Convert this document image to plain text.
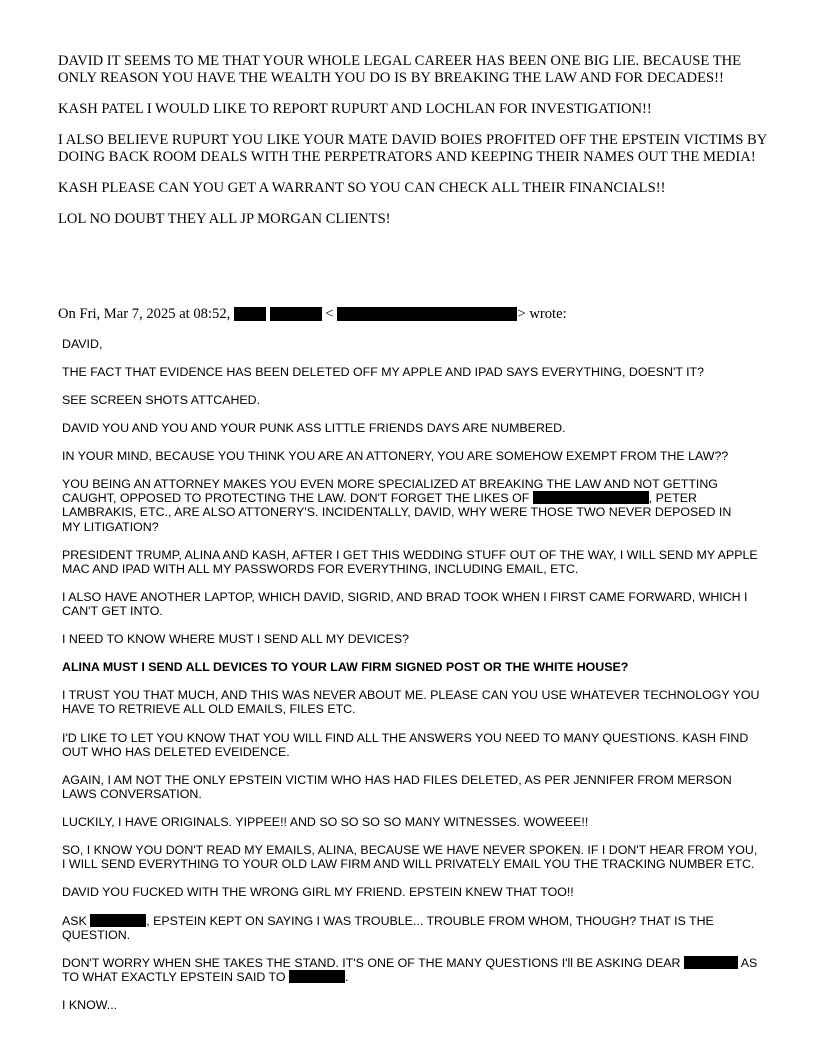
DAVID IT SEEMS TO ME THAT YOUR WHOLE LEGAL CAREER HAS BEEN ONE BIG LIE. BECAUSE THE ONLY REASON YOU HAVE THE WEALTH YOU DO IS BY BREAKING THE LAW AND FOR DECADES!!

KASH PATEL I WOULD LIKE TO REPORT RUPURT AND LOCHLAN FOR INVESTIGATION!!

I ALSO BELIEVE RUPURT YOU LIKE YOUR MATE DAVID BOIES PROFITED OFF THE EPSTEIN VICTIMS BY DOING BACK ROOM DEALS WITH THE PERPETRATORS AND KEEPING THEIR NAMES OUT THE MEDIA!

KASH PLEASE CAN YOU GET A WARRANT SO YOU CAN CHECK ALL THEIR FINANCIALS!!

LOL NO DOUBT THEY ALL JP MORGAN CLIENTS!

On Fri, Mar 7, 2025 at 08:52,	<	> wrote:

DAVID,

THE FACT THAT EVIDENCE HAS BEEN DELETED OFF MY APPLE AND IPAD SAYS EVERYTHING, DOESN'T IT?

SEE SCREEN SHOTS ATTCAHED.

DAVID YOU AND YOU AND YOUR PUNK ASS LITTLE FRIENDS DAYS ARE NUMBERED.

IN YOUR MIND, BECAUSE YOU THINK YOU ARE AN ATTONERY, YOU ARE SOMEHOW EXEMPT FROM THE LAW??

YOU BEING AN ATTORNEY MAKES YOU EVEN MORE SPECIALIZED AT BREAKING THE LAW AND NOT GETTING CAUGHT, OPPOSED TO PROTECTING THE LAW. DON'T FORGET THE LIKES OF	, PETER LAMBRAKIS, ETC., ARE ALSO ATTONERY'S. INCIDENTALLY, DAVID, WHY WERE THOSE TWO NEVER DEPOSED IN MY LITIGATION?

PRESIDENT TRUMP, ALINA AND KASH, AFTER I GET THIS WEDDING STUFF OUT OF THE WAY, I WILL SEND MY APPLE MAC AND IPAD WITH ALL MY PASSWORDS FOR EVERYTHING, INCLUDING EMAIL, ETC.

I ALSO HAVE ANOTHER LAPTOP, WHICH DAVID, SIGRID, AND BRAD TOOK WHEN I FIRST CAME FORWARD, WHICH I CAN'T GET INTO.

I NEED TO KNOW WHERE MUST I SEND ALL MY DEVICES?

ALINA MUST I SEND ALL DEVICES TO YOUR LAW FIRM SIGNED POST OR THE WHITE HOUSE?

I TRUST YOU THAT MUCH, AND THIS WAS NEVER ABOUT ME. PLEASE CAN YOU USE WHATEVER TECHNOLOGY YOU HAVE TO RETRIEVE ALL OLD EMAILS, FILES ETC.

I'D LIKE TO LET YOU KNOW THAT YOU WILL FIND ALL THE ANSWERS YOU NEED TO MANY QUESTIONS. KASH FIND OUT WHO HAS DELETED EVEIDENCE.

AGAIN, I AM NOT THE ONLY EPSTEIN VICTIM WHO HAS HAD FILES DELETED, AS PER JENNIFER FROM MERSON LAWS CONVERSATION.

LUCKILY, I HAVE ORIGINALS. YIPPEE!! AND SO SO SO SO MANY WITNESSES. WOWEEE!!

SO, I KNOW YOU DON'T READ MY EMAILS, ALINA, BECAUSE WE HAVE NEVER SPOKEN. IF I DON'T HEAR FROM YOU, I WILL SEND EVERYTHING TO YOUR OLD LAW FIRM AND WILL PRIVATELY EMAIL YOU THE TRACKING NUMBER ETC.

DAVID YOU FUCKED WITH THE WRONG GIRL MY FRIEND. EPSTEIN KNEW THAT TOO!!

ASK	, EPSTEIN KEPT ON SAYING I WAS TROUBLE... TROUBLE FROM WHOM, THOUGH? THAT IS THE QUESTION.

DON'T WORRY WHEN SHE TAKES THE STAND. IT'S ONE OF THE MANY QUESTIONS I'll BE ASKING DEAR	AS TO WHAT EXACTLY EPSTEIN SAID TO	.

I KNOW...
